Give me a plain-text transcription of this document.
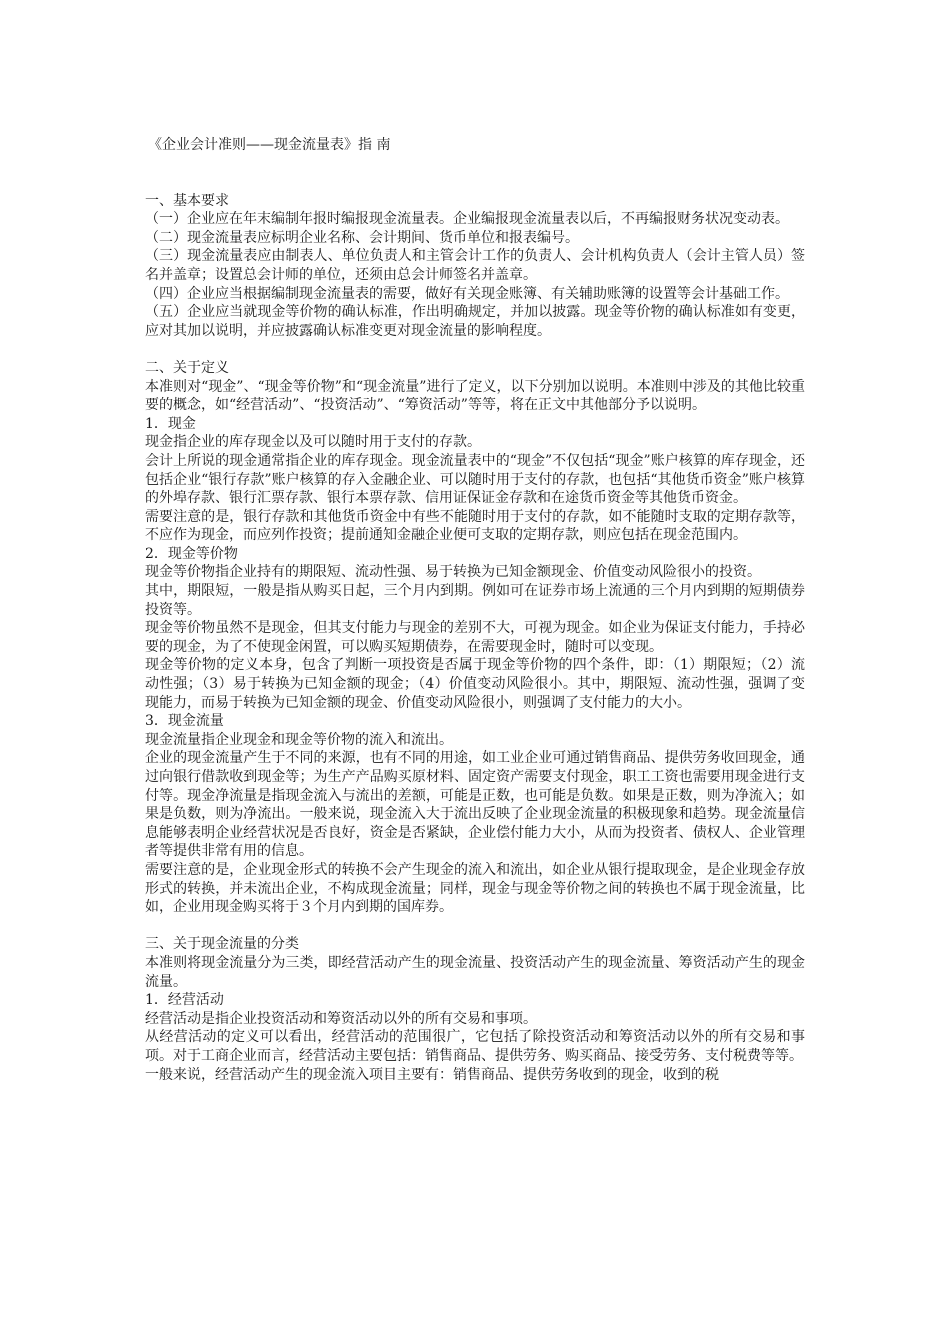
《企业会计准则——现金流量表》指 南

一、基本要求

（一）企业应在年末编制年报时编报现金流量表。企业编报现金流量表以后，不再编报财务状况变动表。

（二）现金流量表应标明企业名称、会计期间、货币单位和报表编号。

（三）现金流量表应由制表人、单位负责人和主管会计工作的负责人、会计机构负责人（会计主管人员）签名并盖章；设置总会计师的单位，还须由总会计师签名并盖章。

（四）企业应当根据编制现金流量表的需要，做好有关现金账簿、有关辅助账簿的设置等会计基础工作。

（五）企业应当就现金等价物的确认标准，作出明确规定，并加以披露。现金等价物的确认标准如有变更，应对其加以说明，并应披露确认标准变更对现金流量的影响程度。

二、关于定义

本准则对“现金”、“现金等价物”和“现金流量”进行了定义，以下分别加以说明。本准则中涉及的其他比较重要的概念，如“经营活动”、“投资活动”、“筹资活动”等等，将在正文中其他部分予以说明。

1．现金

现金指企业的库存现金以及可以随时用于支付的存款。

会计上所说的现金通常指企业的库存现金。现金流量表中的“现金”不仅包括“现金”账户核算的库存现金，还包括企业“银行存款”账户核算的存入金融企业、可以随时用于支付的存款，也包括“其他货币资金”账户核算的外埠存款、银行汇票存款、银行本票存款、信用证保证金存款和在途货币资金等其他货币资金。

需要注意的是，银行存款和其他货币资金中有些不能随时用于支付的存款，如不能随时支取的定期存款等，不应作为现金，而应列作投资；提前通知金融企业便可支取的定期存款，则应包括在现金范围内。

2．现金等价物

现金等价物指企业持有的期限短、流动性强、易于转换为已知金额现金、价值变动风险很小的投资。

其中，期限短，一般是指从购买日起，三个月内到期。例如可在证券市场上流通的三个月内到期的短期债券投资等。

现金等价物虽然不是现金，但其支付能力与现金的差别不大，可视为现金。如企业为保证支付能力，手持必要的现金，为了不使现金闲置，可以购买短期债券，在需要现金时，随时可以变现。

现金等价物的定义本身，包含了判断一项投资是否属于现金等价物的四个条件，即：（1）期限短；（2）流动性强；（3）易于转换为已知金额的现金；（4）价值变动风险很小。其中，期限短、流动性强，强调了变现能力，而易于转换为已知金额的现金、价值变动风险很小，则强调了支付能力的大小。

3．现金流量

现金流量指企业现金和现金等价物的流入和流出。

企业的现金流量产生于不同的来源，也有不同的用途，如工业企业可通过销售商品、提供劳务收回现金，通过向银行借款收到现金等；为生产产品购买原材料、固定资产需要支付现金，职工工资也需要用现金进行支付等。现金净流量是指现金流入与流出的差额，可能是正数，也可能是负数。如果是正数，则为净流入；如果是负数，则为净流出。一般来说，现金流入大于流出反映了企业现金流量的积极现象和趋势。现金流量信息能够表明企业经营状况是否良好，资金是否紧缺，企业偿付能力大小，从而为投资者、债权人、企业管理者等提供非常有用的信息。

需要注意的是，企业现金形式的转换不会产生现金的流入和流出，如企业从银行提取现金，是企业现金存放形式的转换，并未流出企业，不构成现金流量；同样，现金与现金等价物之间的转换也不属于现金流量，比如，企业用现金购买将于３个月内到期的国库券。

三、关于现金流量的分类

本准则将现金流量分为三类，即经营活动产生的现金流量、投资活动产生的现金流量、筹资活动产生的现金流量。

1．经营活动

经营活动是指企业投资活动和筹资活动以外的所有交易和事项。

从经营活动的定义可以看出，经营活动的范围很广，它包括了除投资活动和筹资活动以外的所有交易和事项。对于工商企业而言，经营活动主要包括：销售商品、提供劳务、购买商品、接受劳务、支付税费等等。

一般来说，经营活动产生的现金流入项目主要有：销售商品、提供劳务收到的现金，收到的税
